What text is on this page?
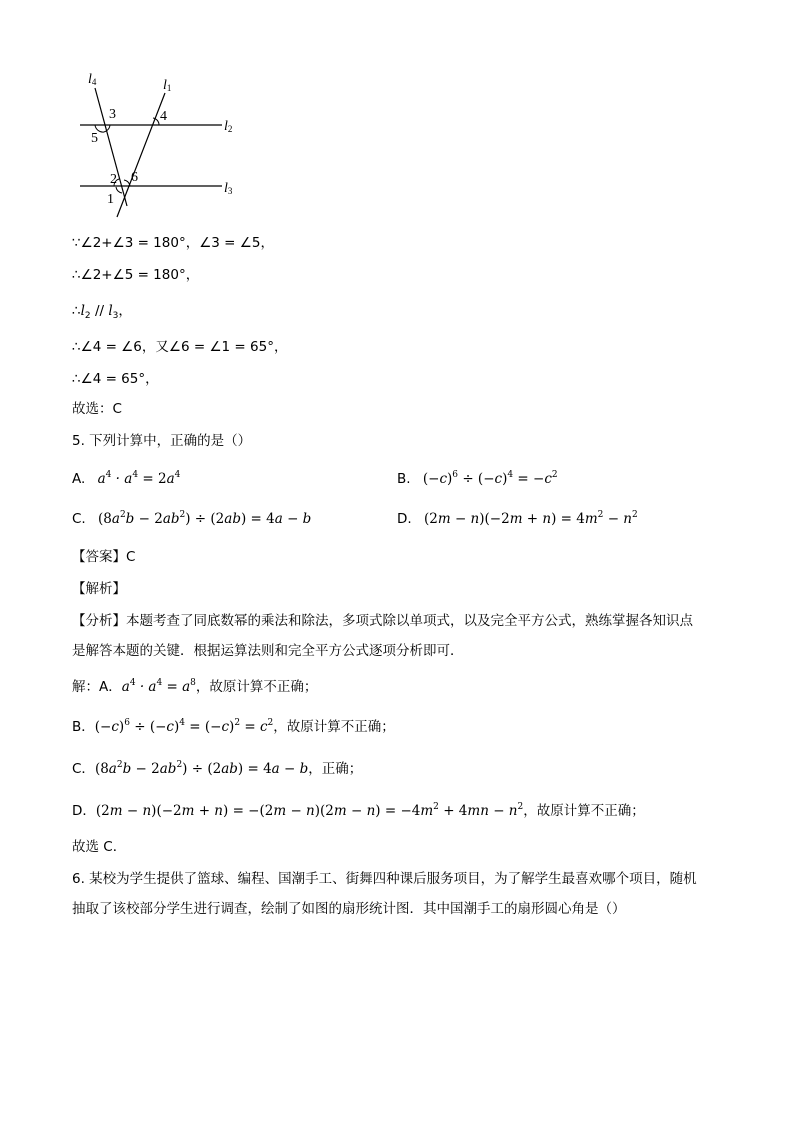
l4	l1
l2
l3
3	4
5
2 6
1
∵∠2+∠3 = 180°，∠3 = ∠5，
∴∠2+∠5 = 180°，
$\therefore l_2 // l_3$，
∴∠4 = ∠6，又∠6 = ∠1 = 65°，
∴∠4 = 65°，
故选：C
5. 下列计算中，正确的是（）
A. $a^4 \cdot a^4 = 2a^4$	B. $(-c)^6 \div (-c)^4 = -c^2$
C. $(8a^2b - 2ab^2) \div (2ab) = 4a - b$	D. $(2m - n)(-2m + n) = 4m^2 - n^2$
【答案】C
【解析】
【分析】本题考查了同底数幂的乘法和除法，多项式除以单项式，以及完全平方公式，熟练掌握各知识点
是解答本题的关键．根据运算法则和完全平方公式逐项分析即可．
解：A．$a^4 \cdot a^4 = a^8$，故原计算不正确；
B．$(-c)^6 \div (-c)^4 = (-c)^2 = c^2$，故原计算不正确；
C．$(8a^2b - 2ab^2) \div (2ab) = 4a - b$，正确；
D．$(2m - n)(-2m + n) = -(2m - n)(2m - n) = -4m^2 + 4mn - n^2$，故原计算不正确；
故选 C．
6. 某校为学生提供了篮球、编程、国潮手工、街舞四种课后服务项目，为了解学生最喜欢哪个项目，随机
抽取了该校部分学生进行调查，绘制了如图的扇形统计图．其中国潮手工的扇形圆心角是（）
